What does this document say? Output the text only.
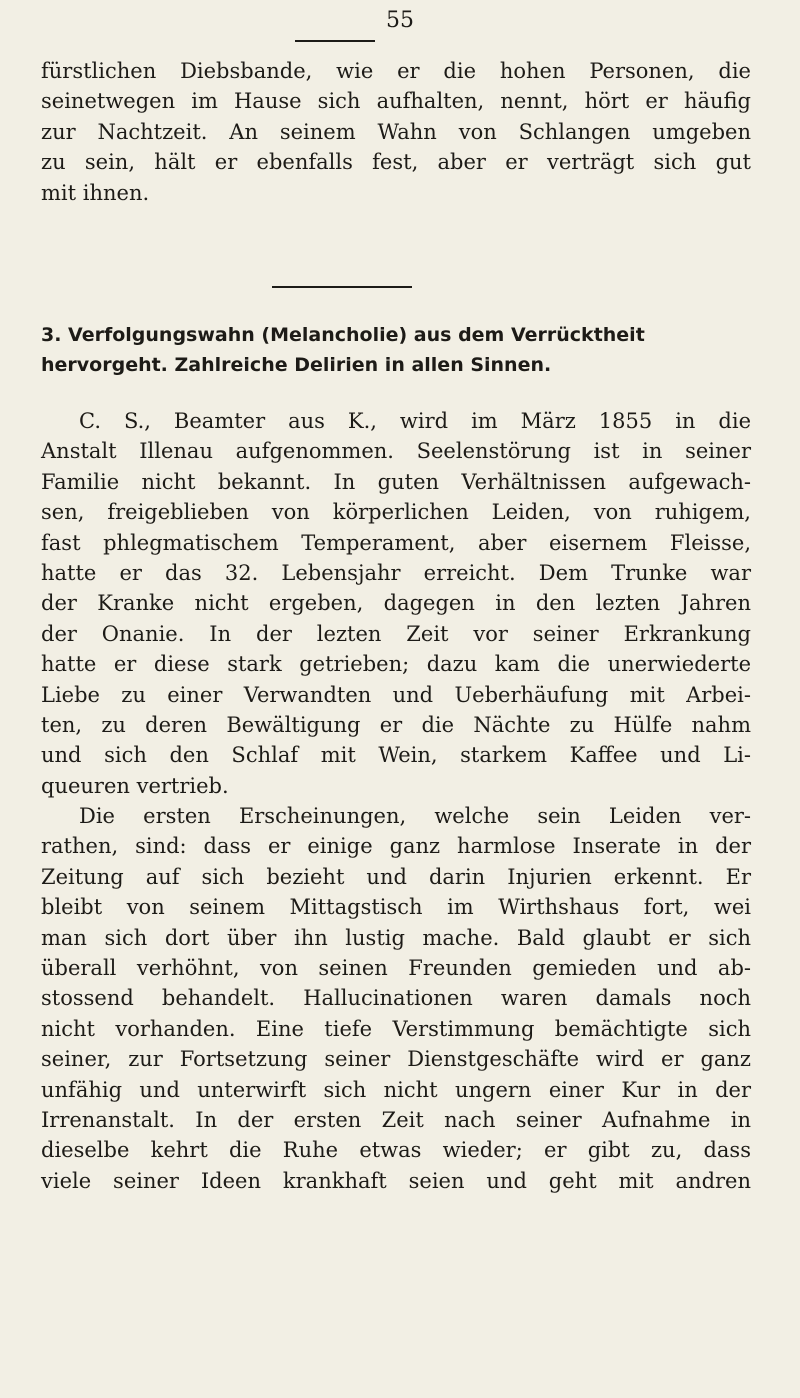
55

fürstlichen Diebsbande, wie er die hohen Personen, die
seinetwegen im Hause sich aufhalten, nennt, hört er häufig
zur Nachtzeit. An seinem Wahn von Schlangen umgeben
zu sein, hält er ebenfalls fest, aber er verträgt sich gut
mit ihnen.

3. Verfolgungswahn (Melancholie) aus dem Verrücktheit
hervorgeht. Zahlreiche Delirien in allen Sinnen.

C. S., Beamter aus K., wird im März 1855 in die
Anstalt Illenau aufgenommen. Seelenstörung ist in seiner
Familie nicht bekannt. In guten Verhältnissen aufgewach-
sen, freigeblieben von körperlichen Leiden, von ruhigem,
fast phlegmatischem Temperament, aber eisernem Fleisse,
hatte er das 32. Lebensjahr erreicht. Dem Trunke war
der Kranke nicht ergeben, dagegen in den lezten Jahren
der Onanie. In der lezten Zeit vor seiner Erkrankung
hatte er diese stark getrieben; dazu kam die unerwiederte
Liebe zu einer Verwandten und Ueberhäufung mit Arbei-
ten, zu deren Bewältigung er die Nächte zu Hülfe nahm
und sich den Schlaf mit Wein, starkem Kaffee und Li-
queuren vertrieb.

Die ersten Erscheinungen, welche sein Leiden ver-
rathen, sind: dass er einige ganz harmlose Inserate in der
Zeitung auf sich bezieht und darin Injurien erkennt. Er
bleibt von seinem Mittagstisch im Wirthshaus fort, wei
man sich dort über ihn lustig mache. Bald glaubt er sich
überall verhöhnt, von seinen Freunden gemieden und ab-
stossend behandelt. Hallucinationen waren damals noch
nicht vorhanden. Eine tiefe Verstimmung bemächtigte sich
seiner, zur Fortsetzung seiner Dienstgeschäfte wird er ganz
unfähig und unterwirft sich nicht ungern einer Kur in der
Irrenanstalt. In der ersten Zeit nach seiner Aufnahme in
dieselbe kehrt die Ruhe etwas wieder; er gibt zu, dass
viele seiner Ideen krankhaft seien und geht mit andren
